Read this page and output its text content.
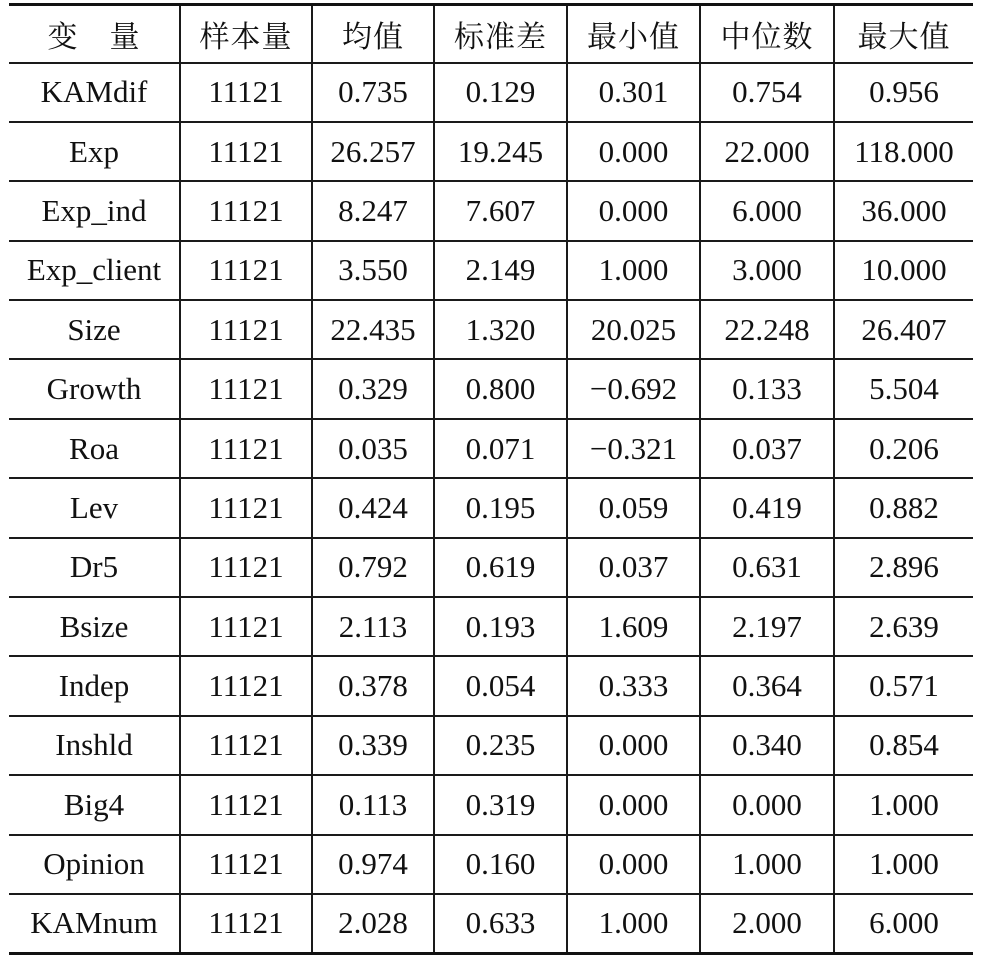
变　量	样本量	均值	标准差	最小值	中位数	最大值
KAMdif	11121	0.735	0.129	0.301	0.754	0.956
Exp	11121	26.257	19.245	0.000	22.000	118.000
Exp_ind	11121	8.247	7.607	0.000	6.000	36.000
Exp_client	11121	3.550	2.149	1.000	3.000	10.000
Size	11121	22.435	1.320	20.025	22.248	26.407
Growth	11121	0.329	0.800	−0.692	0.133	5.504
Roa	11121	0.035	0.071	−0.321	0.037	0.206
Lev	11121	0.424	0.195	0.059	0.419	0.882
Dr5	11121	0.792	0.619	0.037	0.631	2.896
Bsize	11121	2.113	0.193	1.609	2.197	2.639
Indep	11121	0.378	0.054	0.333	0.364	0.571
Inshld	11121	0.339	0.235	0.000	0.340	0.854
Big4	11121	0.113	0.319	0.000	0.000	1.000
Opinion	11121	0.974	0.160	0.000	1.000	1.000
KAMnum	11121	2.028	0.633	1.000	2.000	6.000
